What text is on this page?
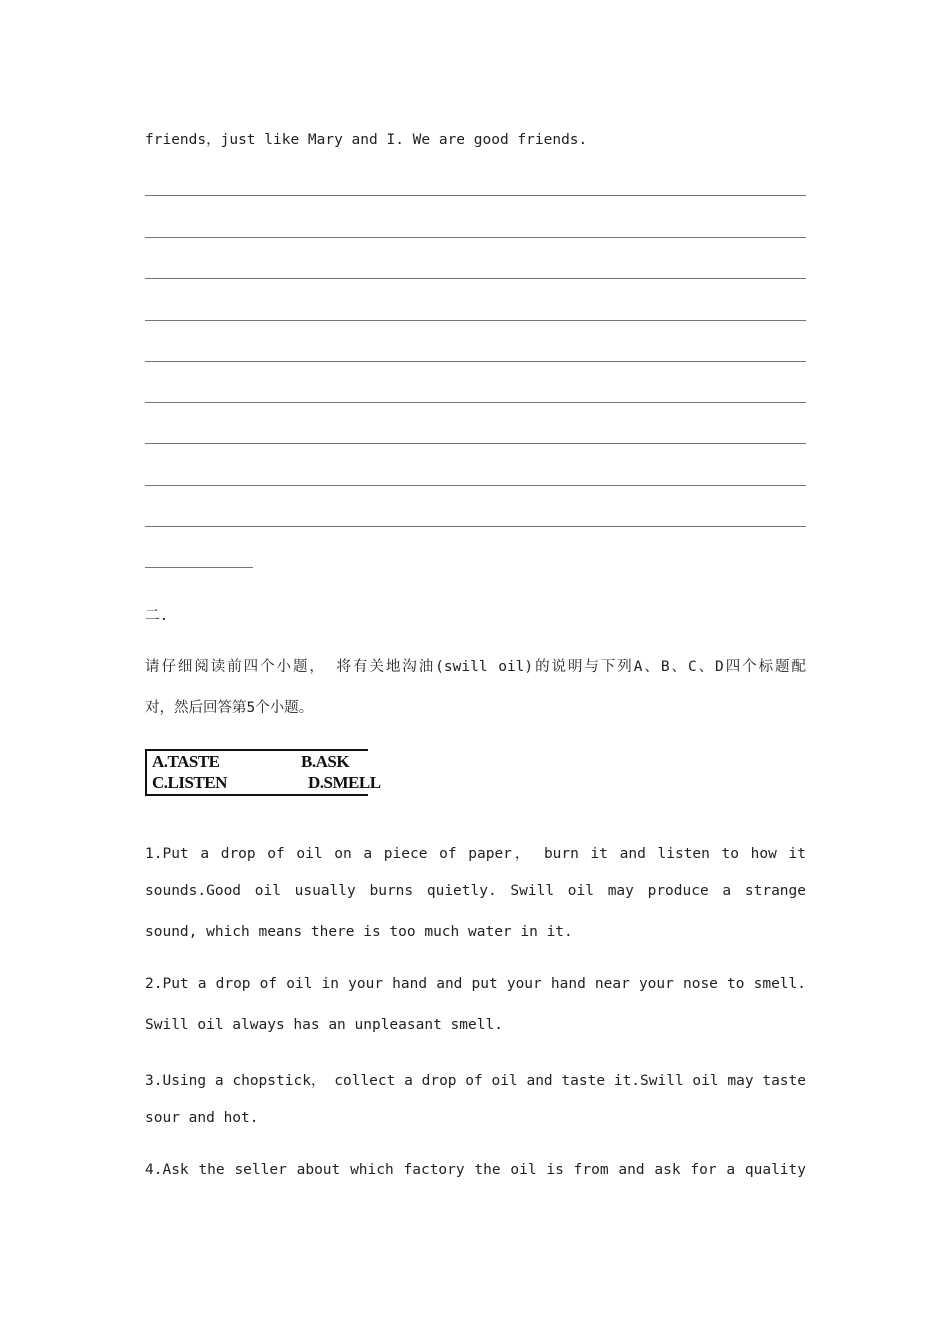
friends，just like Mary and I. We are good friends.
二.
请仔细阅读前四个小题， 将有关地沟油(swill oil)的说明与下列A、B、C、D四个标题配
对，然后回答第5个小题。
A.TASTE	B.ASK
C.LISTEN	D.SMELL
1.Put a drop of oil on a piece of paper， burn it and listen to how it
sounds.Good oil usually burns quietly. Swill oil may produce a strange
sound, which means there is too much water in it.
2.Put a drop of oil in your hand and put your hand near your nose to smell.
Swill oil always has an unpleasant smell.
3.Using a chopstick， collect a drop of oil and taste it.Swill oil may taste
sour and hot.
4.Ask the seller about which factory the oil is from and ask for a quality
